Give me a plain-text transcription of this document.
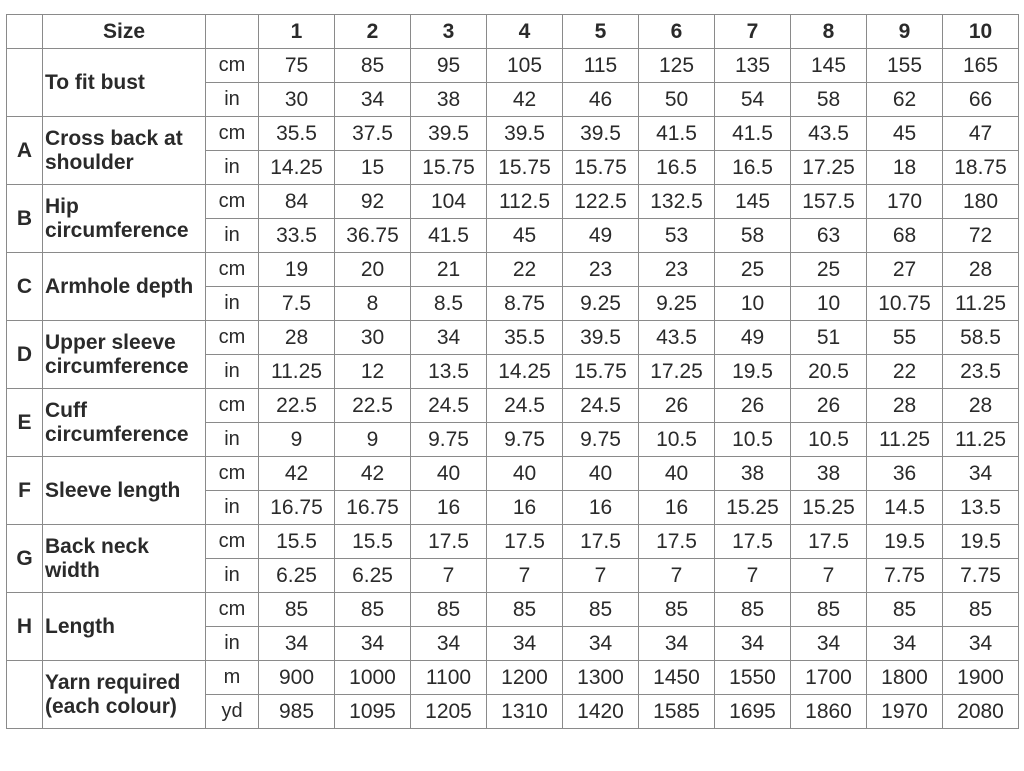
	Size		1	2	3	4	5	6	7	8	9	10
	To fit bust	cm	75	85	95	105	115	125	135	145	155	165
		in	30	34	38	42	46	50	54	58	62	66
A	Cross back at shoulder	cm	35.5	37.5	39.5	39.5	39.5	41.5	41.5	43.5	45	47
		in	14.25	15	15.75	15.75	15.75	16.5	16.5	17.25	18	18.75
B	Hip circumference	cm	84	92	104	112.5	122.5	132.5	145	157.5	170	180
		in	33.5	36.75	41.5	45	49	53	58	63	68	72
C	Armhole depth	cm	19	20	21	22	23	23	25	25	27	28
		in	7.5	8	8.5	8.75	9.25	9.25	10	10	10.75	11.25
D	Upper sleeve circumference	cm	28	30	34	35.5	39.5	43.5	49	51	55	58.5
		in	11.25	12	13.5	14.25	15.75	17.25	19.5	20.5	22	23.5
E	Cuff circumference	cm	22.5	22.5	24.5	24.5	24.5	26	26	26	28	28
		in	9	9	9.75	9.75	9.75	10.5	10.5	10.5	11.25	11.25
F	Sleeve length	cm	42	42	40	40	40	40	38	38	36	34
		in	16.75	16.75	16	16	16	16	15.25	15.25	14.5	13.5
G	Back neck width	cm	15.5	15.5	17.5	17.5	17.5	17.5	17.5	17.5	19.5	19.5
		in	6.25	6.25	7	7	7	7	7	7	7.75	7.75
H	Length	cm	85	85	85	85	85	85	85	85	85	85
		in	34	34	34	34	34	34	34	34	34	34
	Yarn required (each colour)	m	900	1000	1100	1200	1300	1450	1550	1700	1800	1900
		yd	985	1095	1205	1310	1420	1585	1695	1860	1970	2080
